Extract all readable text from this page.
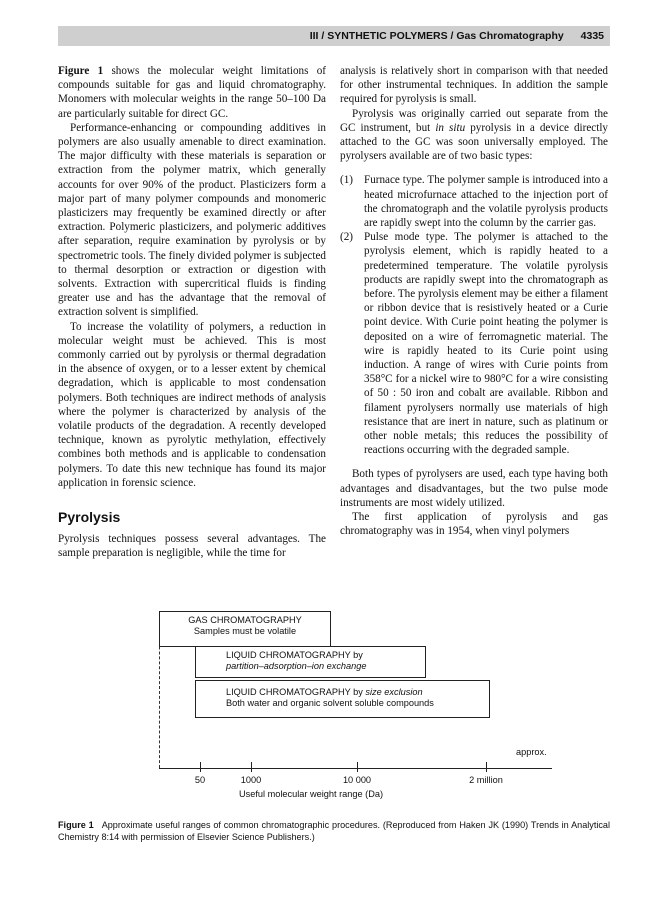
III / SYNTHETIC POLYMERS / Gas Chromatography 4335

Figure 1 shows the molecular weight limitations of compounds suitable for gas and liquid chromatography. Monomers with molecular weights in the range 50–100 Da are particularly suitable for direct GC.

Performance-enhancing or compounding additives in polymers are also usually amenable to direct examination. The major difficulty with these materials is separation or extraction from the polymer matrix, which generally accounts for over 90% of the product. Plasticizers form a major part of many polymer compounds and monomeric plasticizers may frequently be examined directly or after extraction. Polymeric plasticizers, and polymeric additives after separation, require examination by pyrolysis or by spectrometric tools. The finely divided polymer is subjected to thermal desorption or extraction or digestion with solvents. Extraction with supercritical fluids is finding greater use and has the advantage that the removal of extraction solvent is simplified.

To increase the volatility of polymers, a reduction in molecular weight must be achieved. This is most commonly carried out by pyrolysis or thermal degradation in the absence of oxygen, or to a lesser extent by chemical degradation, which is applicable to most condensation polymers. Both techniques are indirect methods of analysis where the polymer is characterized by analysis of the volatile products of the degradation. A recently developed technique, known as pyrolytic methylation, effectively combines both methods and is applicable to condensation polymers. To date this new technique has found its major application in forensic science.

Pyrolysis

Pyrolysis techniques possess several advantages. The sample preparation is negligible, while the time for

analysis is relatively short in comparison with that needed for other instrumental techniques. In addition the sample required for pyrolysis is small.

Pyrolysis was originally carried out separate from the GC instrument, but in situ pyrolysis in a device directly attached to the GC was soon universally employed. The pyrolysers available are of two basic types:

(1) Furnace type. The polymer sample is introduced into a heated microfurnace attached to the injection port of the chromatograph and the volatile pyrolysis products are rapidly swept into the column by the carrier gas.
(2) Pulse mode type. The polymer is attached to the pyrolysis element, which is rapidly heated to a predetermined temperature. The volatile pyrolysis products are rapidly swept into the chromatograph as before. The pyrolysis element may be either a filament or ribbon device that is resistively heated or a Curie point device. With Curie point heating the polymer is deposited on a wire of ferromagnetic material. The wire is rapidly heated to its Curie point using induction. A range of wires with Curie points from 358°C for a nickel wire to 980°C for a wire consisting of 50 : 50 iron and cobalt are available. Ribbon and filament pyrolysers normally use materials of high resistance that are inert in nature, such as platinum or other noble metals; this reduces the possibility of reactions occurring with the degraded sample.

Both types of pyrolysers are used, each type having both advantages and disadvantages, but the two pulse mode instruments are most widely utilized.

The first application of pyrolysis and gas chromatography was in 1954, when vinyl polymers

GAS CHROMATOGRAPHY
Samples must be volatile
LIQUID CHROMATOGRAPHY by
partition–adsorption–ion exchange
LIQUID CHROMATOGRAPHY by size exclusion
Both water and organic solvent soluble compounds
approx.
50	1000	10 000	2 million
Useful molecular weight range (Da)
Figure 1 Approximate useful ranges of common chromatographic procedures. (Reproduced from Haken JK (1990) Trends in Analytical Chemistry 8:14 with permission of Elsevier Science Publishers.)
